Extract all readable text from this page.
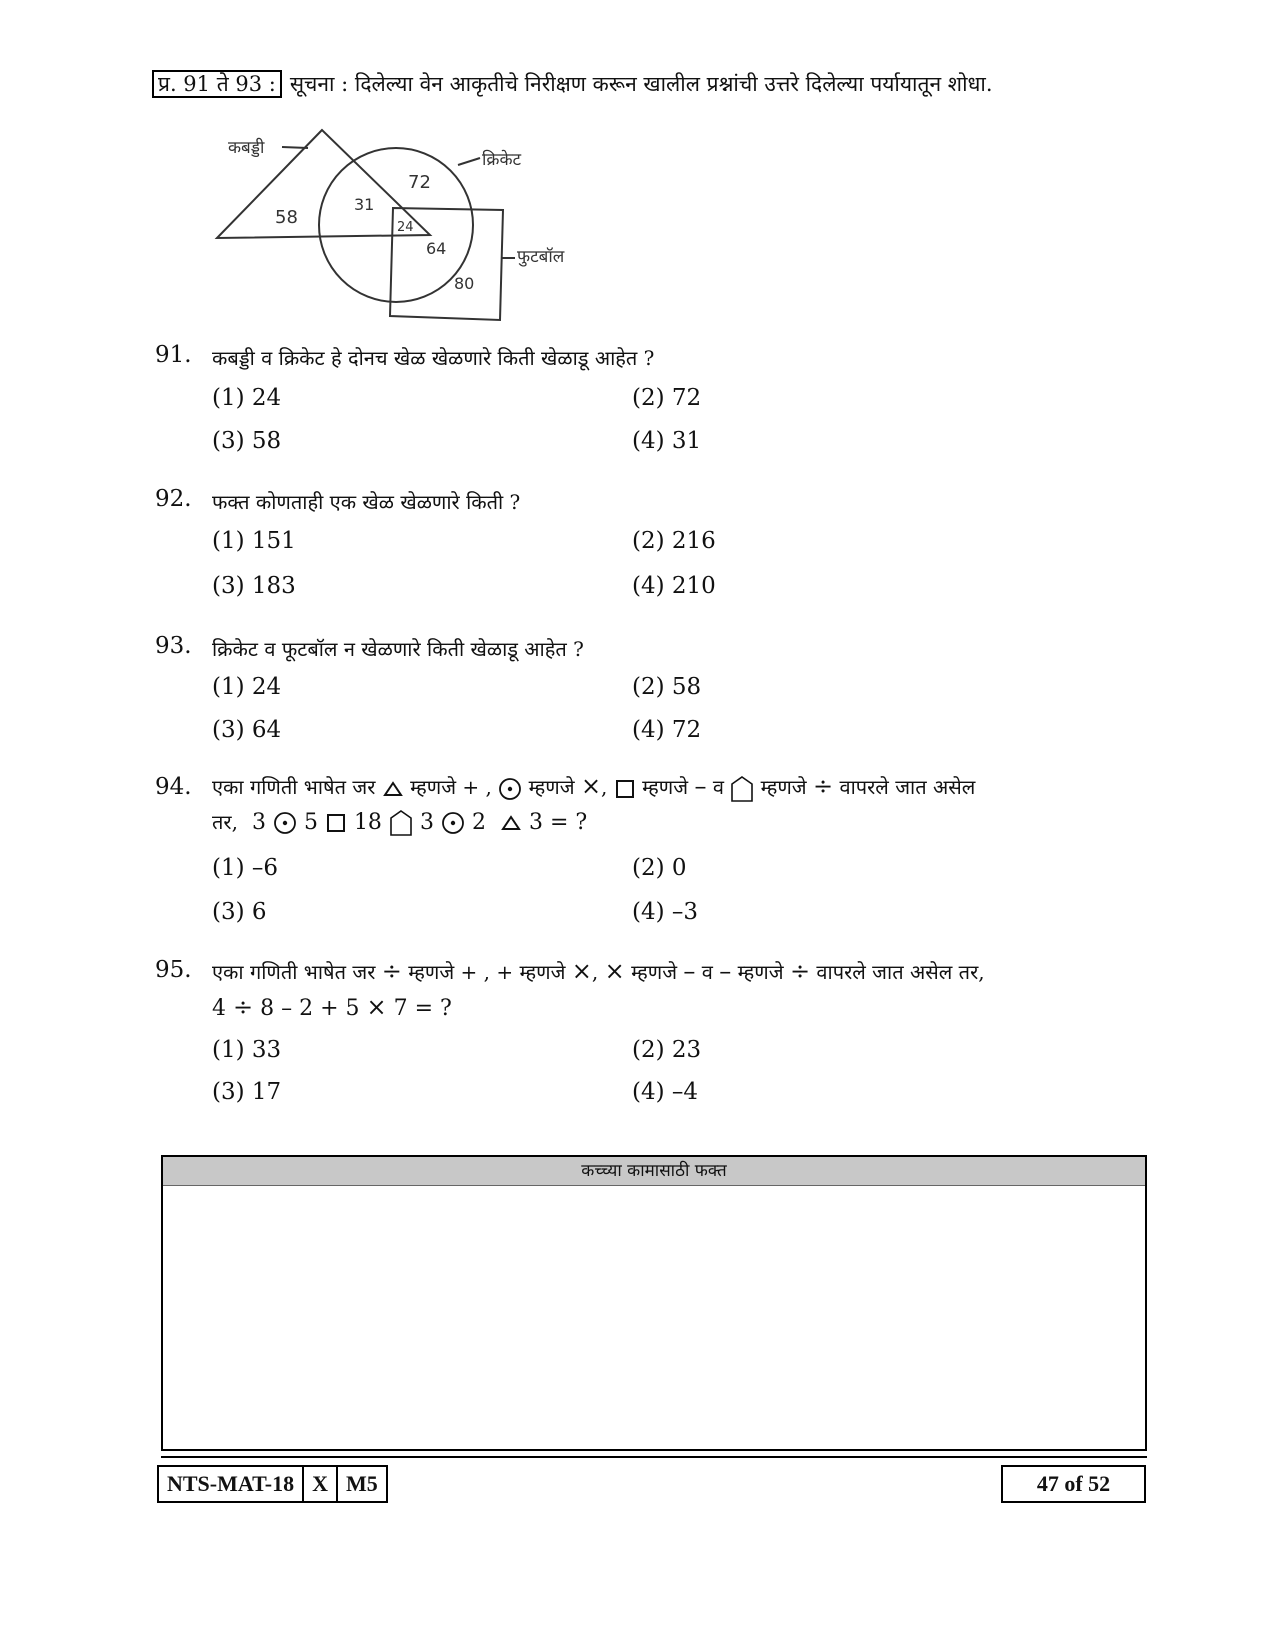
प्र. 91 ते 93 : सूचना : दिलेल्या वेन आकृतीचे निरीक्षण करून खालील प्रश्नांची उत्तरे दिलेल्या पर्यायातून शोधा.
कबड्डी
क्रिकेट
फुटबॉल
58
31
72
24
64
80
91. कबड्डी व क्रिकेट हे दोनच खेळ खेळणारे किती खेळाडू आहेत ?
(1) 24	(2) 72
(3) 58	(4) 31
92. फक्त कोणताही एक खेळ खेळणारे किती ?
(1) 151	(2) 216
(3) 183	(4) 210
93. क्रिकेट व फूटबॉल न खेळणारे किती खेळाडू आहेत ?
(1) 24	(2) 58
(3) 64	(4) 72
94. एका गणिती भाषेत जर म्हणजे + , म्हणजे ×, म्हणजे – व म्हणजे ÷ वापरले जात असेल
तर, 3 5 18 3 2 3 = ?
(1) –6	(2) 0
(3) 6	(4) –3
95. एका गणिती भाषेत जर ÷ म्हणजे + , + म्हणजे ×, × म्हणजे – व – म्हणजे ÷ वापरले जात असेल तर,
4 ÷ 8 – 2 + 5 × 7 = ?
(1) 33	(2) 23
(3) 17	(4) –4
कच्च्या कामासाठी फक्त
NTS-MAT-18 X M5	47 of 52
